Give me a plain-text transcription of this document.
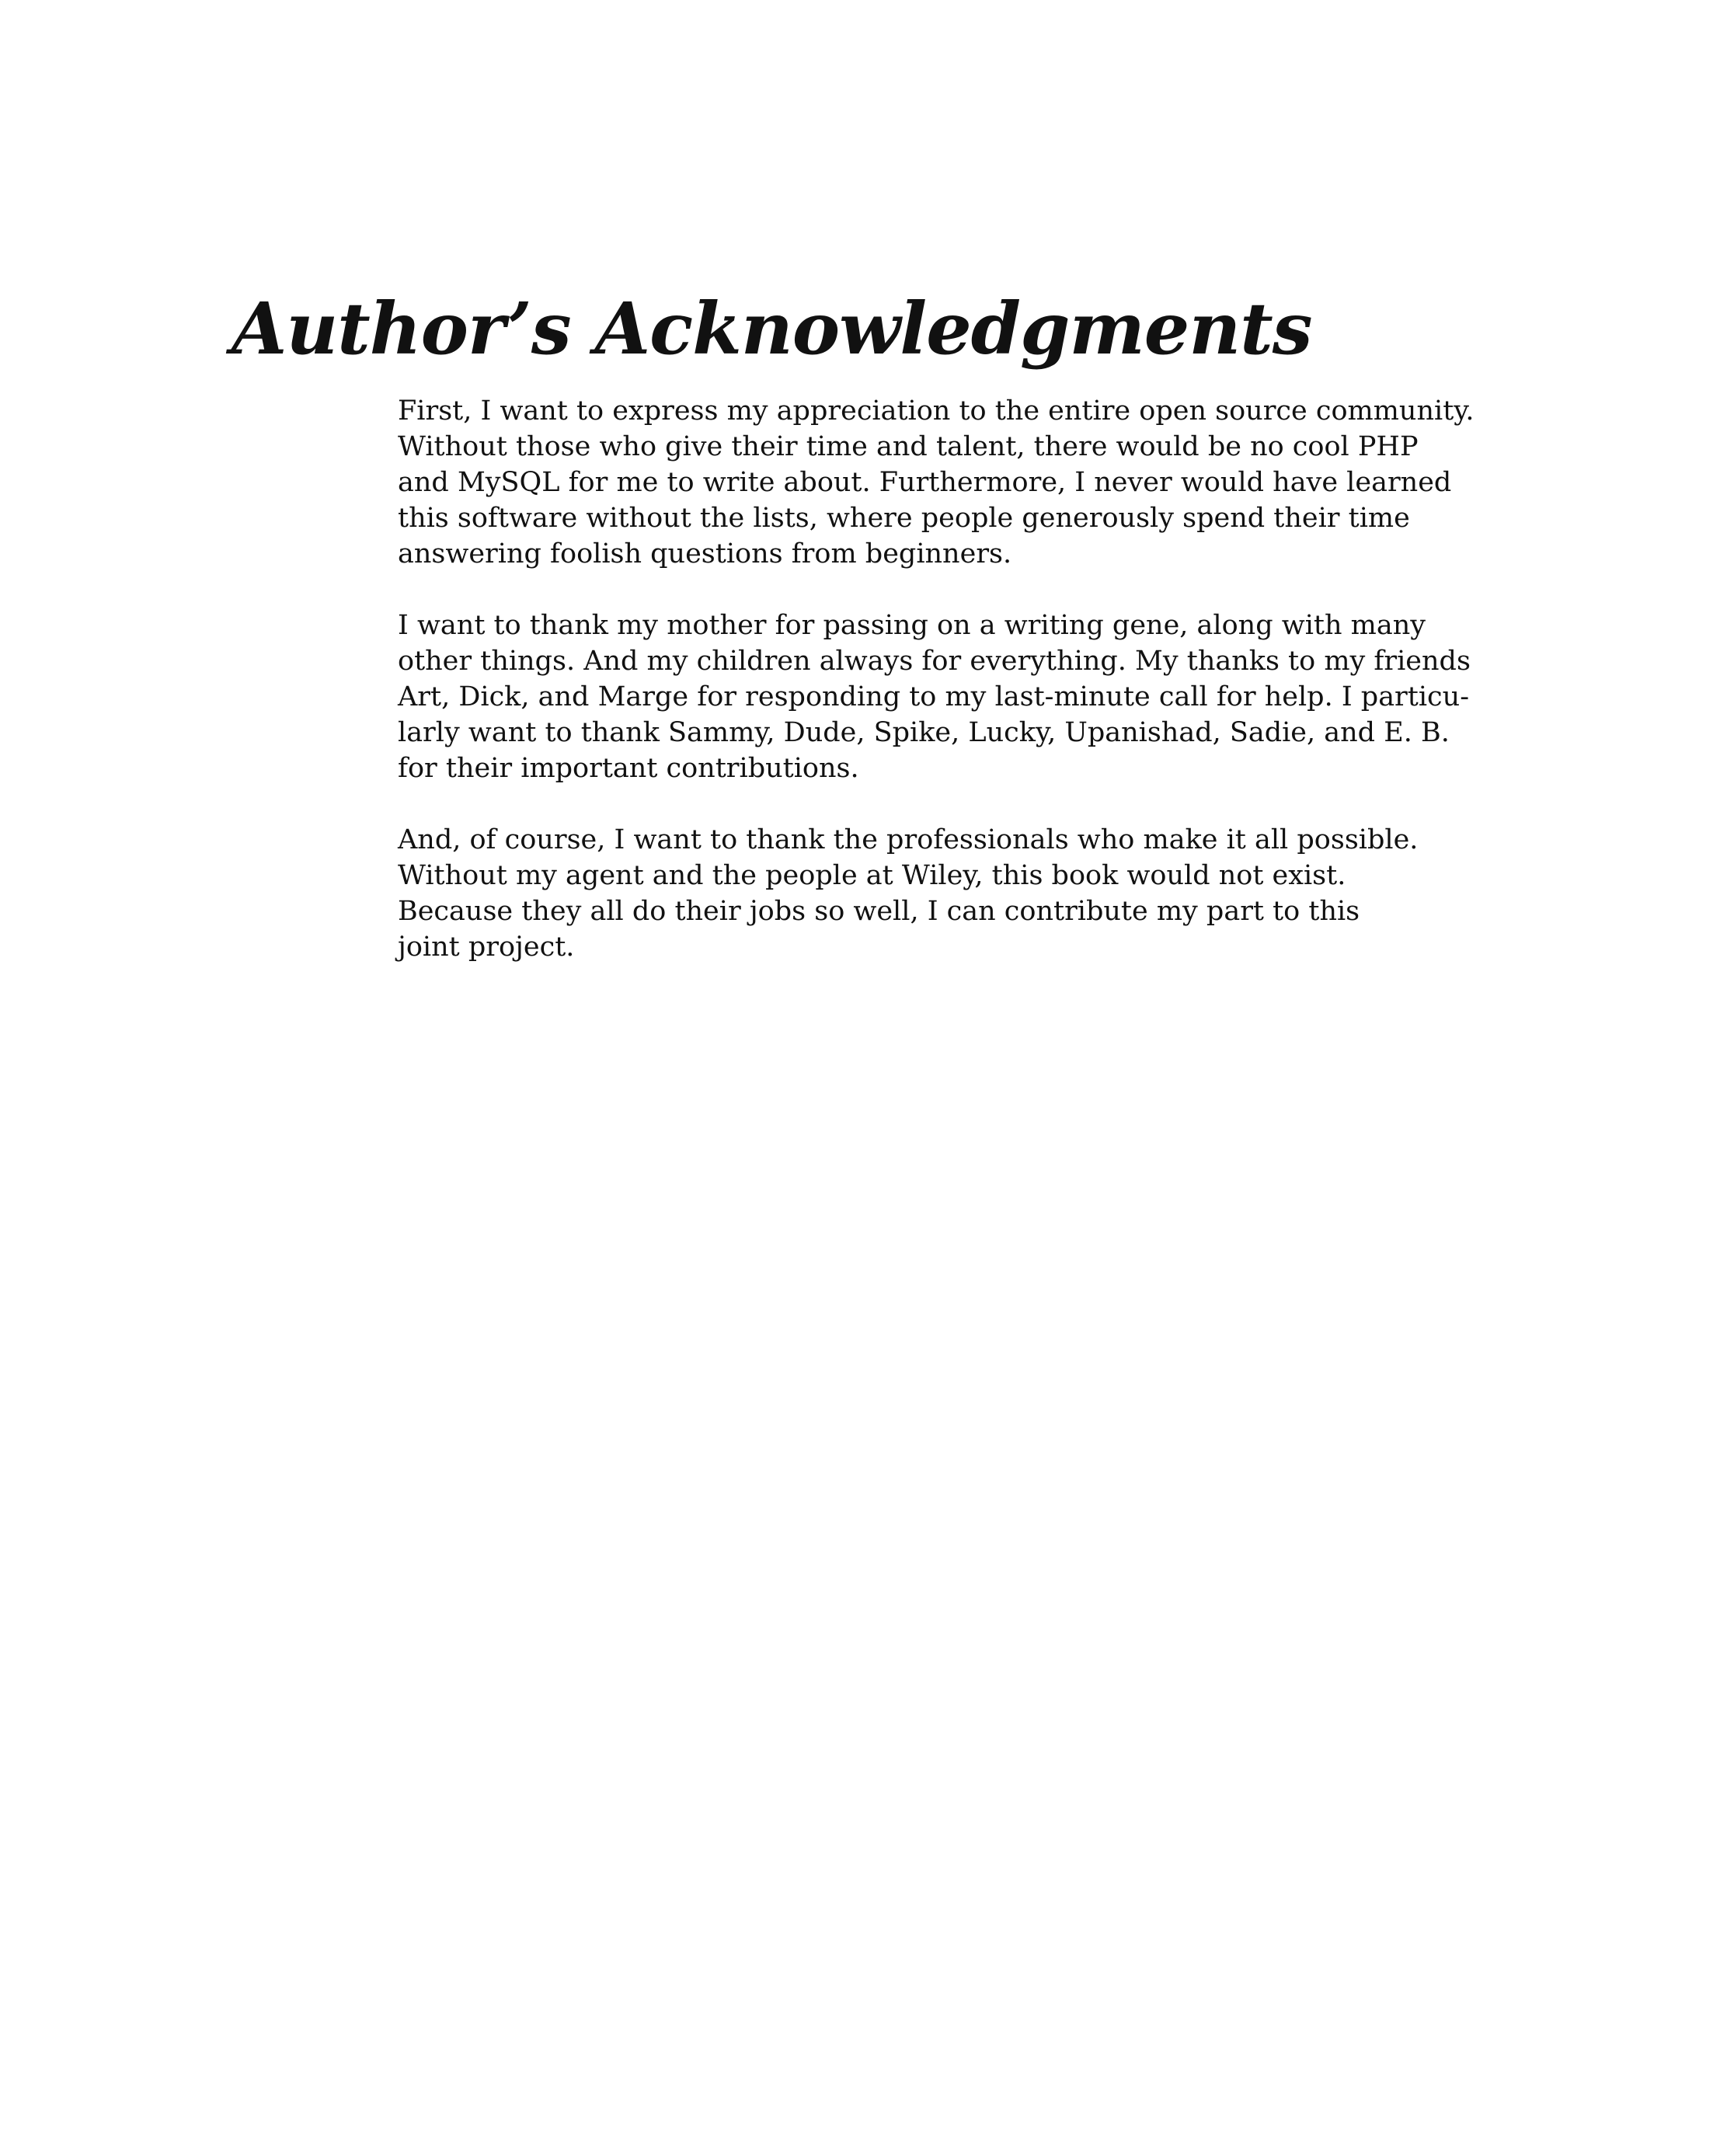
Author’s Acknowledgments

First, I want to express my appreciation to the entire open source community.
Without those who give their time and talent, there would be no cool PHP
and MySQL for me to write about. Furthermore, I never would have learned
this software without the lists, where people generously spend their time
answering foolish questions from beginners.

I want to thank my mother for passing on a writing gene, along with many
other things. And my children always for everything. My thanks to my friends
Art, Dick, and Marge for responding to my last-minute call for help. I particu-
larly want to thank Sammy, Dude, Spike, Lucky, Upanishad, Sadie, and E. B.
for their important contributions.

And, of course, I want to thank the professionals who make it all possible.
Without my agent and the people at Wiley, this book would not exist.
Because they all do their jobs so well, I can contribute my part to this
joint project.
